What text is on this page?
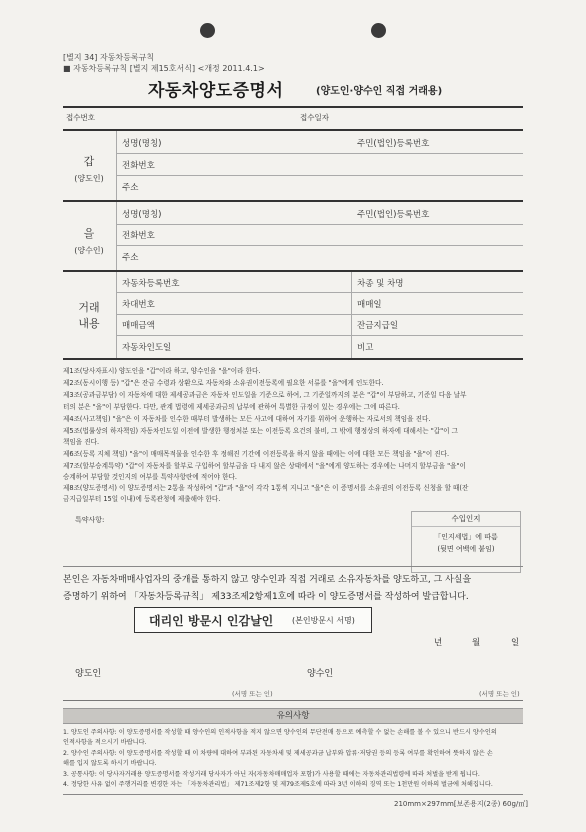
[별지 34] 자동차등록규칙
■ 자동차등록규칙 [별지 제15호서식] <개정 2011.4.1>
자동차양도증명서	(양도인·양수인 직접 거래용)
접수번호	접수일자
갑
(양도인)
성명(명칭)	주민(법인)등록번호
전화번호
주소
을
(양수인)
성명(명칭)	주민(법인)등록번호
전화번호
주소
거래
내용
자동차등록번호	차종 및 차명
차대번호	매매일
매매금액	잔금지급일
자동차인도일	비고
제1조(당사자표시) 양도인을 "갑"이라 하고, 양수인을 "을"이라 한다.
제2조(동시이행 등) "갑"은 잔금 수령과 상환으로 자동차와 소유권이전등록에 필요한 서류를 "을"에게 인도한다.
제3조(공과금부담) 이 자동차에 대한 제세공과금은 자동차 인도일을 기준으로 하여, 그 기준일까지의 분은 "갑"이 부담하고, 기준일 다음 날부
터의 분은 "을"이 부담한다. 다만, 관계 법령에 제세공과금의 납부에 관하여 특별한 규정이 있는 경우에는 그에 따른다.
제4조(사고책임) "을"은 이 자동차를 인수한 때부터 발생하는 모든 사고에 대하여 자기를 위하여 운행하는 자로서의 책임을 진다.
제5조(법률상의 하자책임) 자동차인도일 이전에 발생한 행정처분 또는 이전등록 요건의 불비, 그 밖에 행정상의 하자에 대해서는 "갑"이 그
책임을 진다.
제6조(등록 지체 책임) "을"이 매매목적물을 인수한 후 정해진 기간에 이전등록을 하지 않을 때에는 이에 대한 모든 책임을 "을"이 진다.
제7조(할부승계특약) "갑"이 자동차를 할부로 구입하여 할부금을 다 내지 않은 상태에서 "을"에게 양도하는 경우에는 나머지 할부금을 "을"이
승계하여 부담할 것인지의 여부를 특약사항란에 적어야 한다.
제8조(양도증명서) 이 양도증명서는 2통을 작성하여 "갑"과 "을"이 각각 1통씩 지니고 "을"은 이 증명서를 소유권의 이전등록 신청을 할 때(잔
금지급일부터 15일 이내)에 등록관청에 제출해야 한다.
특약사항:	수입인지
「인지세법」에 따름
(뒷면 여백에 붙임)
본인은 자동차매매사업자의 중개를 통하지 않고 양수인과 직접 거래로 소유자동차를 양도하고, 그 사실을
증명하기 위하여 「자동차등록규칙」 제33조제2항제1호에 따라 이 양도증명서를 작성하여 발급합니다.
대리인 방문시 인감날인 (본인방문시 서명)
년	월	일
양도인	양수인
(서명 또는 인)	(서명 또는 인)
유의사항
1. 양도인 주의사항: 이 양도증명서를 작성할 때 양수인의 인적사항을 적지 않으면 양수인의 무단전매 등으로 예측할 수 없는 손해를 볼 수 있으니 반드시 양수인의
인적사항을 적으시기 바랍니다.
2. 양수인 주의사항: 이 양도증명서를 작성할 때 이 차량에 대하여 부과된 자동차세 및 제세공과금 납부와 압류·저당권 등의 등록 여부를 확인하여 뜻하지 않은 손
해를 입지 않도록 하시기 바랍니다.
3. 공통사항: 이 당사자거래용 양도증명서를 작성거래 당사자가 아닌 자(자동차매매업자 포함)가 사용할 때에는 자동차관리법령에 따라 처벌을 받게 됩니다.
4. 정당한 사유 없이 주행거리를 변경한 자는 「자동차관리법」 제71조제2항 및 제79조제5호에 따라 3년 이하의 징역 또는 1천만원 이하의 벌금에 처해집니다.
210mm×297mm[보존용지(2종) 60g/㎡]
